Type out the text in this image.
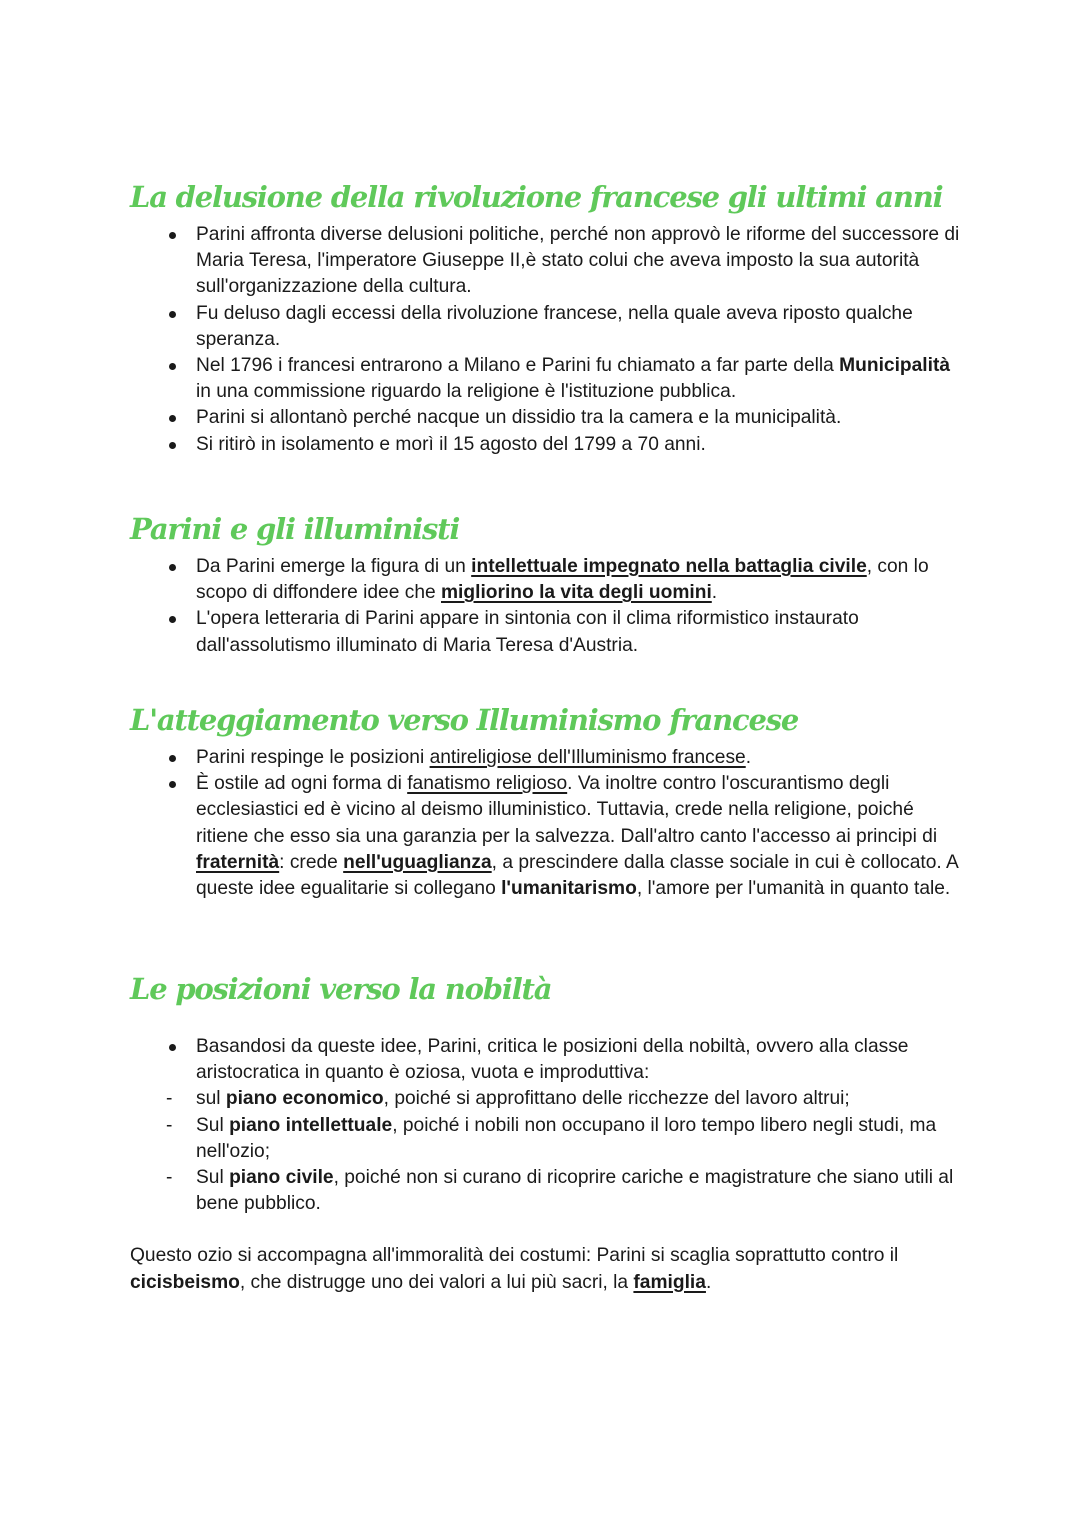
La delusione della rivoluzione francese gli ultimi anni
Parini affronta diverse delusioni politiche, perché non approvò le riforme del successore di Maria Teresa, l'imperatore Giuseppe II,è stato colui che aveva imposto la sua autorità sull'organizzazione della cultura.
Fu deluso dagli eccessi della rivoluzione francese, nella quale aveva riposto qualche speranza.
Nel 1796 i francesi entrarono a Milano e Parini fu chiamato a far parte della Municipalità in una commissione riguardo la religione è l'istituzione pubblica.
Parini si allontanò perché nacque un dissidio tra la camera e la municipalità.
Si ritirò in isolamento e morì il 15 agosto del 1799 a 70 anni.
Parini e gli illuministi
Da Parini emerge la figura di un intellettuale impegnato nella battaglia civile, con lo scopo di diffondere idee che migliorino la vita degli uomini.
L'opera letteraria di Parini appare in sintonia con il clima riformistico instaurato dall'assolutismo illuminato di Maria Teresa d'Austria.
L'atteggiamento verso Illuminismo francese
Parini respinge le posizioni antireligiose dell'Illuminismo francese.
È ostile ad ogni forma di fanatismo religioso. Va inoltre contro l'oscurantismo degli ecclesiastici ed è vicino al deismo illuministico. Tuttavia, crede nella religione, poiché ritiene che esso sia una garanzia per la salvezza. Dall'altro canto l'accesso ai principi di fraternità: crede nell'uguaglianza, a prescindere dalla classe sociale in cui è collocato. A queste idee egualitarie si collegano l'umanitarismo, l'amore per l'umanità in quanto tale.
Le posizioni verso la nobiltà
Basandosi da queste idee, Parini, critica le posizioni della nobiltà, ovvero alla classe aristocratica in quanto è oziosa, vuota e improduttiva:
- sul piano economico, poiché si approfittano delle ricchezze del lavoro altrui;
- Sul piano intellettuale, poiché i nobili non occupano il loro tempo libero negli studi, ma nell'ozio;
- Sul piano civile, poiché non si curano di ricoprire cariche e magistrature che siano utili al bene pubblico.

Questo ozio si accompagna all'immoralità dei costumi: Parini si scaglia soprattutto contro il cicisbeismo, che distrugge uno dei valori a lui più sacri, la famiglia.
